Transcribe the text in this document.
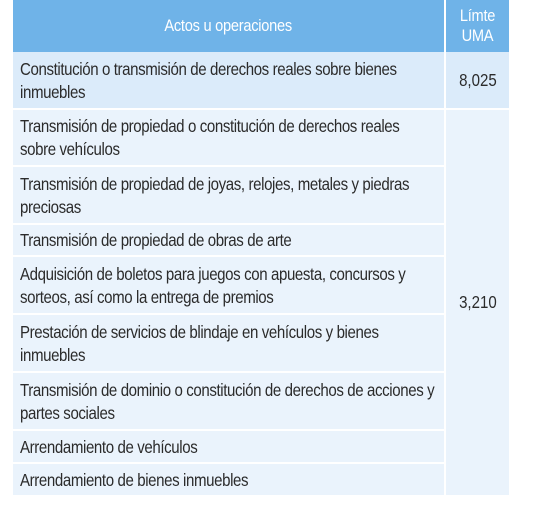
Actos u operaciones	Límte
UMA
Constitución o transmisión de derechos reales sobre bienes inmuebles	8,025
Transmisión de propiedad o constitución de derechos reales sobre vehículos	3,210
Transmisión de propiedad de joyas, relojes, metales y piedras preciosas	
Transmisión de propiedad de obras de arte	
Adquisición de boletos para juegos con apuesta, concursos y sorteos, así como la entrega de premios	
Prestación de servicios de blindaje en vehículos y bienes inmuebles	
Transmisión de dominio o constitución de derechos de acciones y partes sociales	
Arrendamiento de vehículos	
Arrendamiento de bienes inmuebles	
